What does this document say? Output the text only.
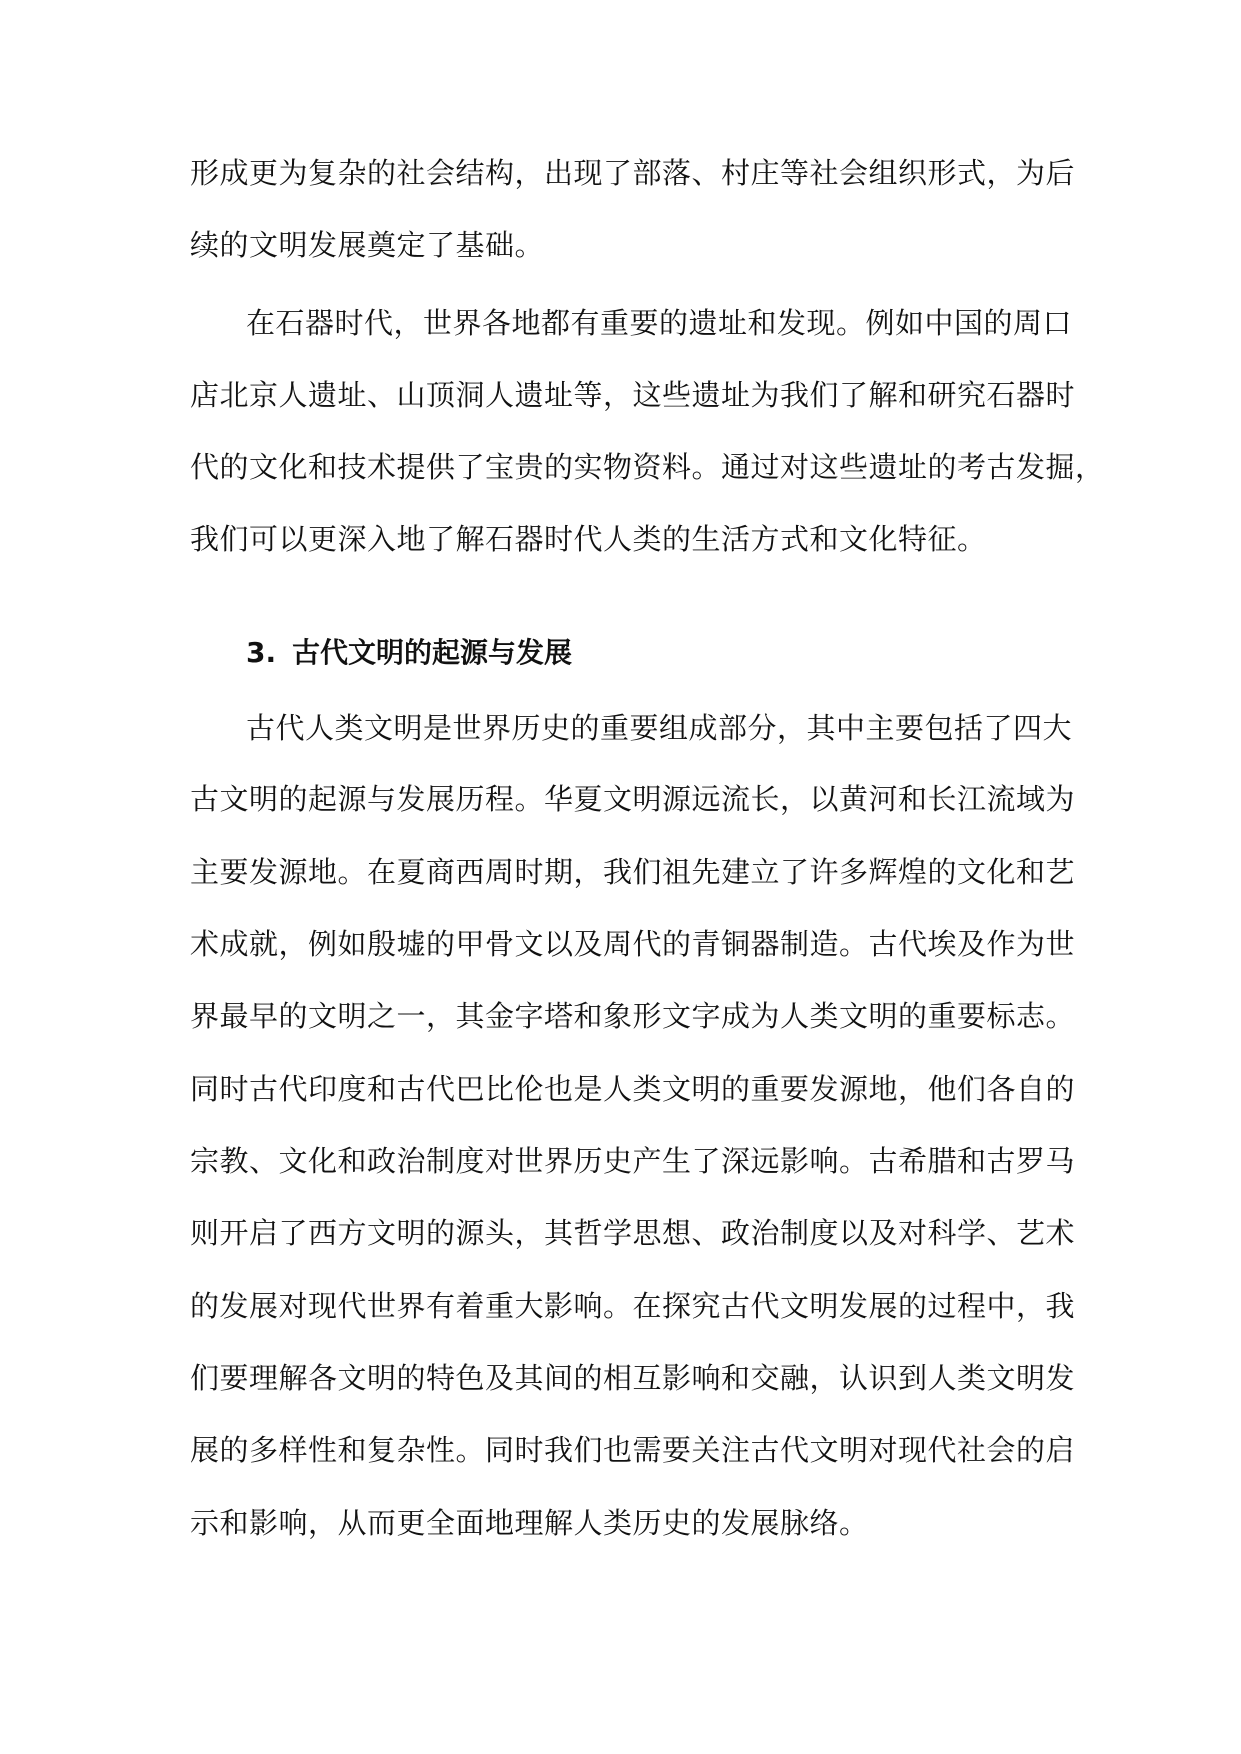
形成更为复杂的社会结构，出现了部落、村庄等社会组织形式，为后
续的文明发展奠定了基础。
在石器时代，世界各地都有重要的遗址和发现。例如中国的周口
店北京人遗址、山顶洞人遗址等，这些遗址为我们了解和研究石器时
代的文化和技术提供了宝贵的实物资料。通过对这些遗址的考古发掘，
我们可以更深入地了解石器时代人类的生活方式和文化特征。
3. 古代文明的起源与发展
古代人类文明是世界历史的重要组成部分，其中主要包括了四大
古文明的起源与发展历程。华夏文明源远流长，以黄河和长江流域为
主要发源地。在夏商西周时期，我们祖先建立了许多辉煌的文化和艺
术成就，例如殷墟的甲骨文以及周代的青铜器制造。古代埃及作为世
界最早的文明之一，其金字塔和象形文字成为人类文明的重要标志。
同时古代印度和古代巴比伦也是人类文明的重要发源地，他们各自的
宗教、文化和政治制度对世界历史产生了深远影响。古希腊和古罗马
则开启了西方文明的源头，其哲学思想、政治制度以及对科学、艺术
的发展对现代世界有着重大影响。在探究古代文明发展的过程中，我
们要理解各文明的特色及其间的相互影响和交融，认识到人类文明发
展的多样性和复杂性。同时我们也需要关注古代文明对现代社会的启
示和影响，从而更全面地理解人类历史的发展脉络。
